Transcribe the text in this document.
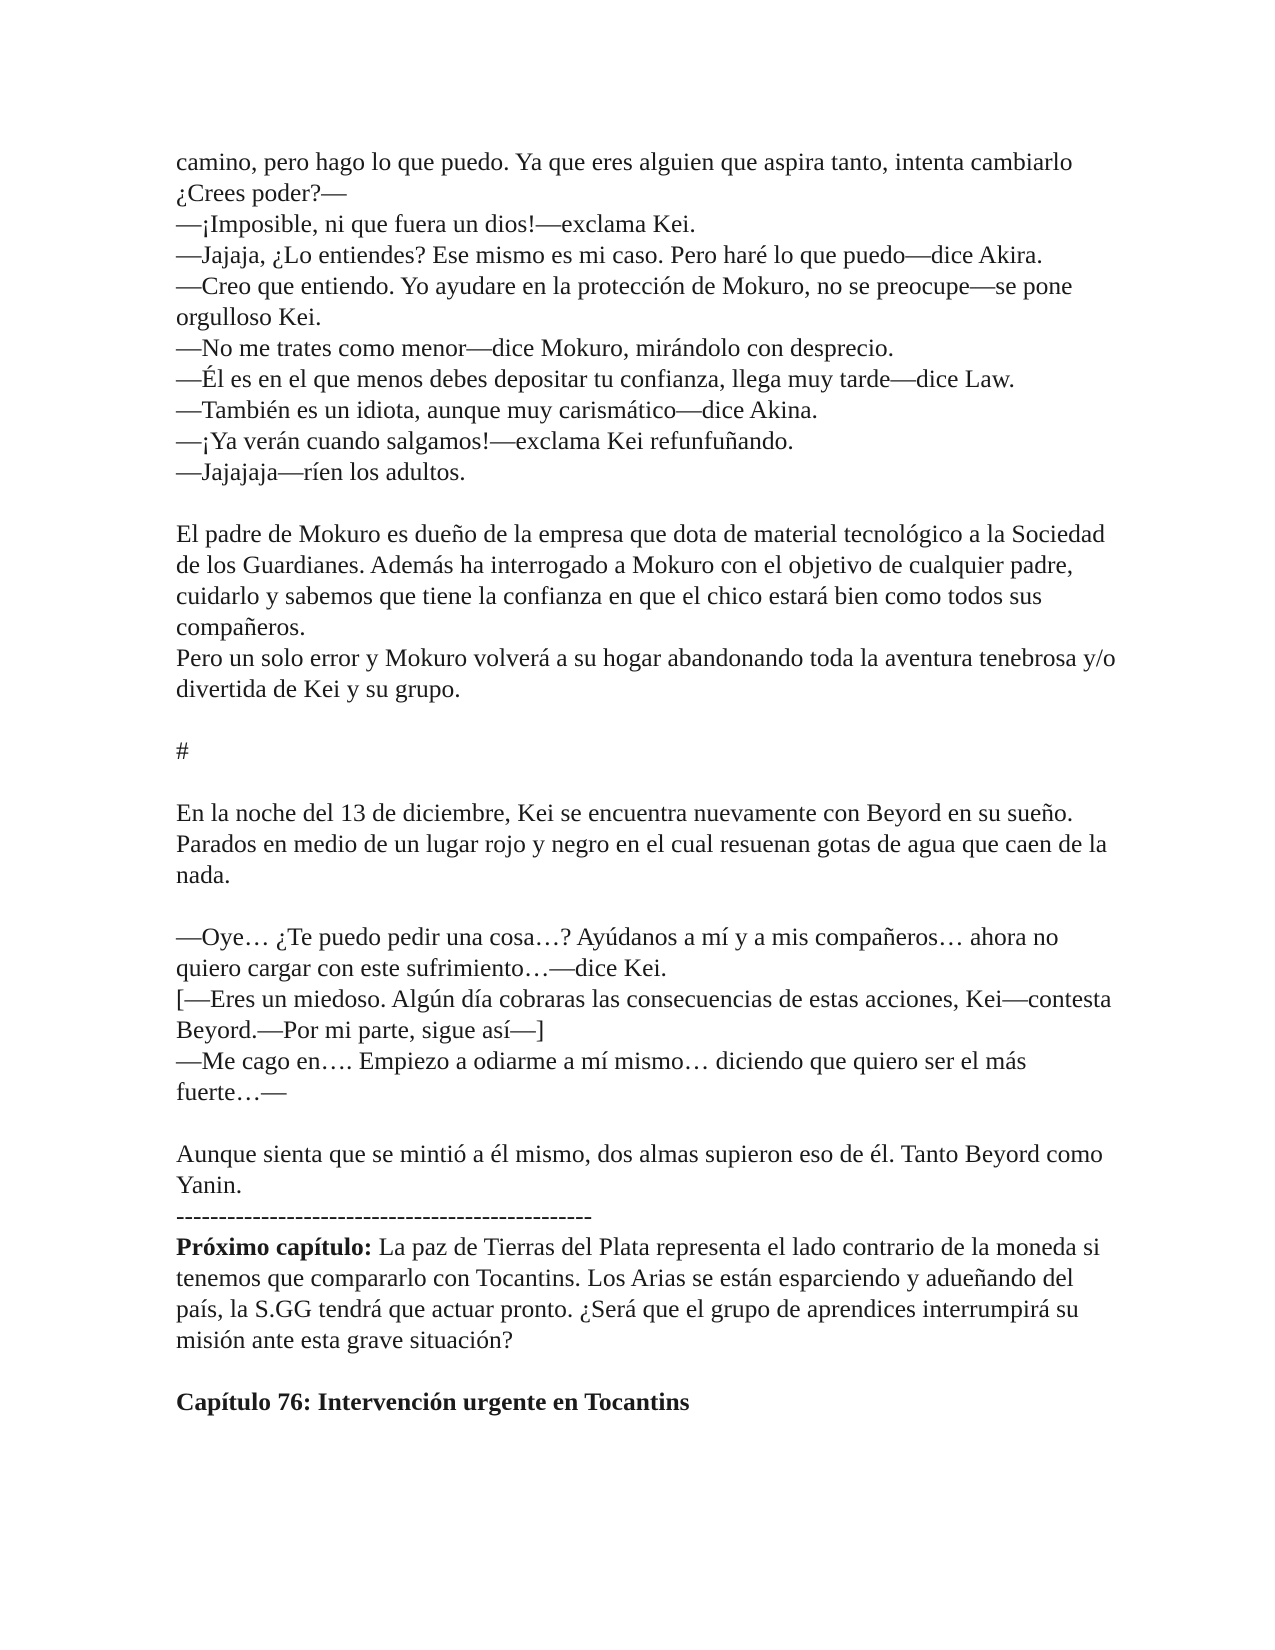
camino, pero hago lo que puedo. Ya que eres alguien que aspira tanto, intenta cambiarlo ¿Crees poder?—

—¡Imposible, ni que fuera un dios!—exclama Kei.

—Jajaja, ¿Lo entiendes? Ese mismo es mi caso. Pero haré lo que puedo—dice Akira.

—Creo que entiendo. Yo ayudare en la protección de Mokuro, no se preocupe—se pone orgulloso Kei.

—No me trates como menor—dice Mokuro, mirándolo con desprecio.

—Él es en el que menos debes depositar tu confianza, llega muy tarde—dice Law.

—También es un idiota, aunque muy carismático—dice Akina.

—¡Ya verán cuando salgamos!—exclama Kei refunfuñando.

—Jajajaja—ríen los adultos.

El padre de Mokuro es dueño de la empresa que dota de material tecnológico a la Sociedad de los Guardianes. Además ha interrogado a Mokuro con el objetivo de cualquier padre, cuidarlo y sabemos que tiene la confianza en que el chico estará bien como todos sus compañeros.

Pero un solo error y Mokuro volverá a su hogar abandonando toda la aventura tenebrosa y/o divertida de Kei y su grupo.

#

En la noche del 13 de diciembre, Kei se encuentra nuevamente con Beyord en su sueño. Parados en medio de un lugar rojo y negro en el cual resuenan gotas de agua que caen de la nada.

—Oye… ¿Te puedo pedir una cosa…? Ayúdanos a mí y a mis compañeros… ahora no quiero cargar con este sufrimiento…—dice Kei.

[—Eres un miedoso. Algún día cobraras las consecuencias de estas acciones, Kei—contesta Beyord.—Por mi parte, sigue así—]

—Me cago en…. Empiezo a odiarme a mí mismo… diciendo que quiero ser el más fuerte…—

Aunque sienta que se mintió a él mismo, dos almas supieron eso de él. Tanto Beyord como Yanin.

-------------------------------------------------

Próximo capítulo: La paz de Tierras del Plata representa el lado contrario de la moneda si tenemos que compararlo con Tocantins. Los Arias se están esparciendo y adueñando del país, la S.GG tendrá que actuar pronto. ¿Será que el grupo de aprendices interrumpirá su misión ante esta grave situación?

Capítulo 76: Intervención urgente en Tocantins
